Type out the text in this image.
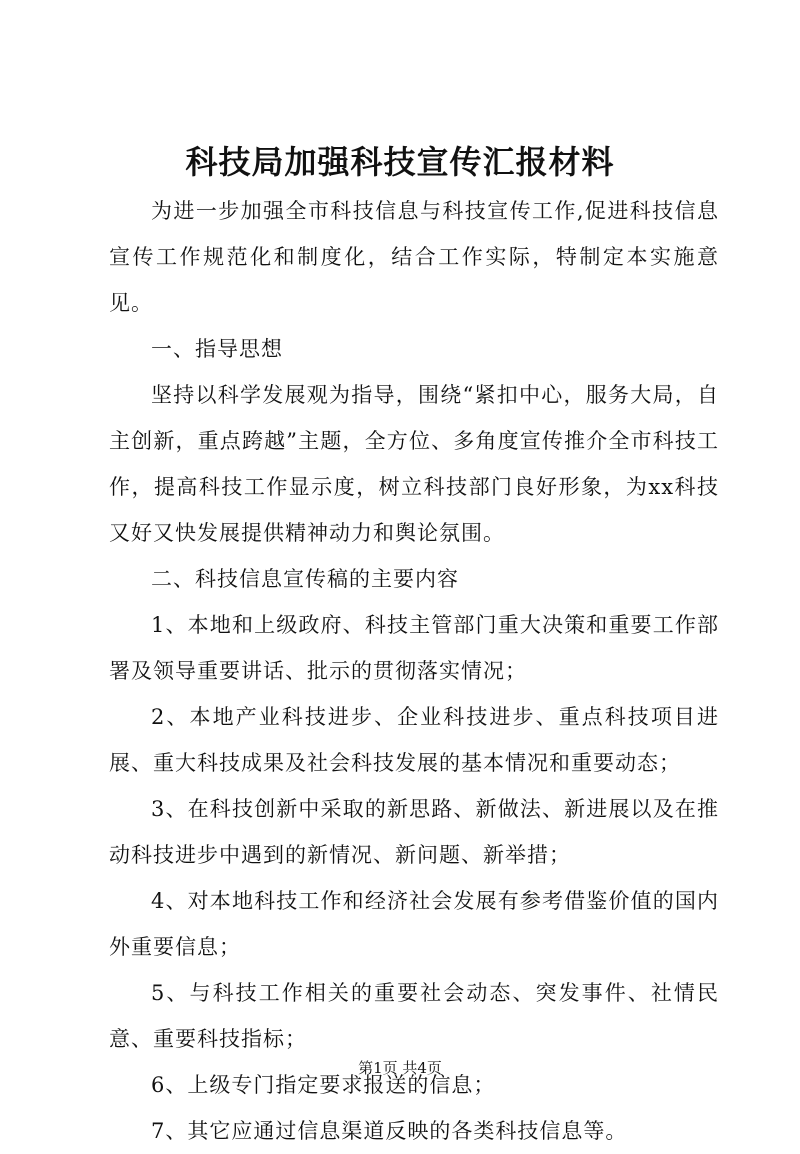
科技局加强科技宣传汇报材料

为进一步加强全市科技信息与科技宣传工作,促进科技信息宣传工作规范化和制度化，结合工作实际，特制定本实施意见。

一、指导思想

坚持以科学发展观为指导，围绕“紧扣中心，服务大局，自主创新，重点跨越”主题，全方位、多角度宣传推介全市科技工作，提高科技工作显示度，树立科技部门良好形象，为xx科技又好又快发展提供精神动力和舆论氛围。

二、科技信息宣传稿的主要内容

1、本地和上级政府、科技主管部门重大决策和重要工作部署及领导重要讲话、批示的贯彻落实情况；

2、本地产业科技进步、企业科技进步、重点科技项目进展、重大科技成果及社会科技发展的基本情况和重要动态；

3、在科技创新中采取的新思路、新做法、新进展以及在推动科技进步中遇到的新情况、新问题、新举措；

4、对本地科技工作和经济社会发展有参考借鉴价值的国内外重要信息；

5、与科技工作相关的重要社会动态、突发事件、社情民意、重要科技指标；

6、上级专门指定要求报送的信息；

7、其它应通过信息渠道反映的各类科技信息等。

第1页 共4页
